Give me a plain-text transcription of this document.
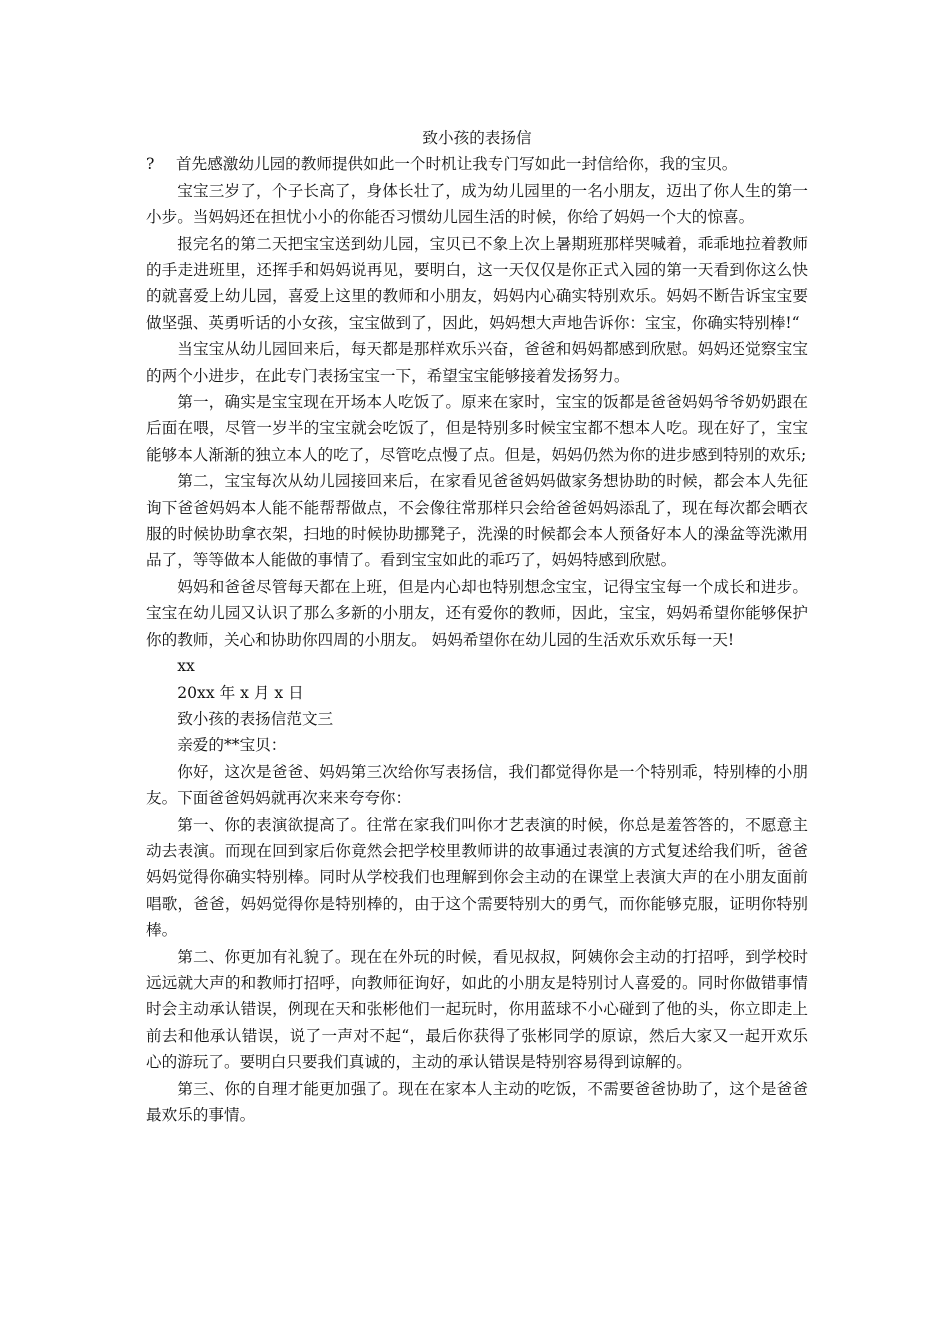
致小孩的表扬信

? 首先感激幼儿园的教师提供如此一个时机让我专门写如此一封信给你，我的宝贝。

宝宝三岁了，个子长高了，身体长壮了，成为幼儿园里的一名小朋友，迈出了你人生的第一小步。当妈妈还在担忧小小的你能否习惯幼儿园生活的时候，你给了妈妈一个大的惊喜。

报完名的第二天把宝宝送到幼儿园，宝贝已不象上次上暑期班那样哭喊着，乖乖地拉着教师的手走进班里，还挥手和妈妈说再见，要明白，这一天仅仅是你正式入园的第一天看到你这么快的就喜爱上幼儿园，喜爱上这里的教师和小朋友，妈妈内心确实特别欢乐。妈妈不断告诉宝宝要做坚强、英勇听话的小女孩，宝宝做到了，因此，妈妈想大声地告诉你：宝宝，你确实特别棒!“

当宝宝从幼儿园回来后，每天都是那样欢乐兴奋，爸爸和妈妈都感到欣慰。妈妈还觉察宝宝的两个小进步，在此专门表扬宝宝一下，希望宝宝能够接着发扬努力。

第一，确实是宝宝现在开场本人吃饭了。原来在家时，宝宝的饭都是爸爸妈妈爷爷奶奶跟在后面在喂，尽管一岁半的宝宝就会吃饭了，但是特别多时候宝宝都不想本人吃。现在好了，宝宝能够本人渐渐的独立本人的吃了，尽管吃点慢了点。但是，妈妈仍然为你的进步感到特别的欢乐;

第二，宝宝每次从幼儿园接回来后，在家看见爸爸妈妈做家务想协助的时候，都会本人先征询下爸爸妈妈本人能不能帮帮做点，不会像往常那样只会给爸爸妈妈添乱了，现在每次都会晒衣服的时候协助拿衣架，扫地的时候协助挪凳子，洗澡的时候都会本人预备好本人的澡盆等洗漱用品了，等等做本人能做的事情了。看到宝宝如此的乖巧了，妈妈特感到欣慰。

妈妈和爸爸尽管每天都在上班，但是内心却也特别想念宝宝，记得宝宝每一个成长和进步。宝宝在幼儿园又认识了那么多新的小朋友，还有爱你的教师，因此，宝宝，妈妈希望你能够保护你的教师，关心和协助你四周的小朋友。 妈妈希望你在幼儿园的生活欢乐欢乐每一天!

xx

20xx 年 x 月 x 日

致小孩的表扬信范文三

亲爱的**宝贝：

你好，这次是爸爸、妈妈第三次给你写表扬信，我们都觉得你是一个特别乖，特别棒的小朋友。下面爸爸妈妈就再次来来夸夸你：

第一、你的表演欲提高了。往常在家我们叫你才艺表演的时候，你总是羞答答的，不愿意主动去表演。而现在回到家后你竟然会把学校里教师讲的故事通过表演的方式复述给我们听，爸爸妈妈觉得你确实特别棒。同时从学校我们也理解到你会主动的在课堂上表演大声的在小朋友面前唱歌，爸爸，妈妈觉得你是特别棒的，由于这个需要特别大的勇气，而你能够克服，证明你特别棒。

第二、你更加有礼貌了。现在在外玩的时候，看见叔叔，阿姨你会主动的打招呼，到学校时远远就大声的和教师打招呼，向教师征询好，如此的小朋友是特别讨人喜爱的。同时你做错事情时会主动承认错误，例现在天和张彬他们一起玩时，你用蓝球不小心碰到了他的头，你立即走上前去和他承认错误，说了一声对不起“，最后你获得了张彬同学的原谅，然后大家又一起开欢乐心的游玩了。要明白只要我们真诚的，主动的承认错误是特别容易得到谅解的。

第三、你的自理才能更加强了。现在在家本人主动的吃饭，不需要爸爸协助了，这个是爸爸最欢乐的事情。
